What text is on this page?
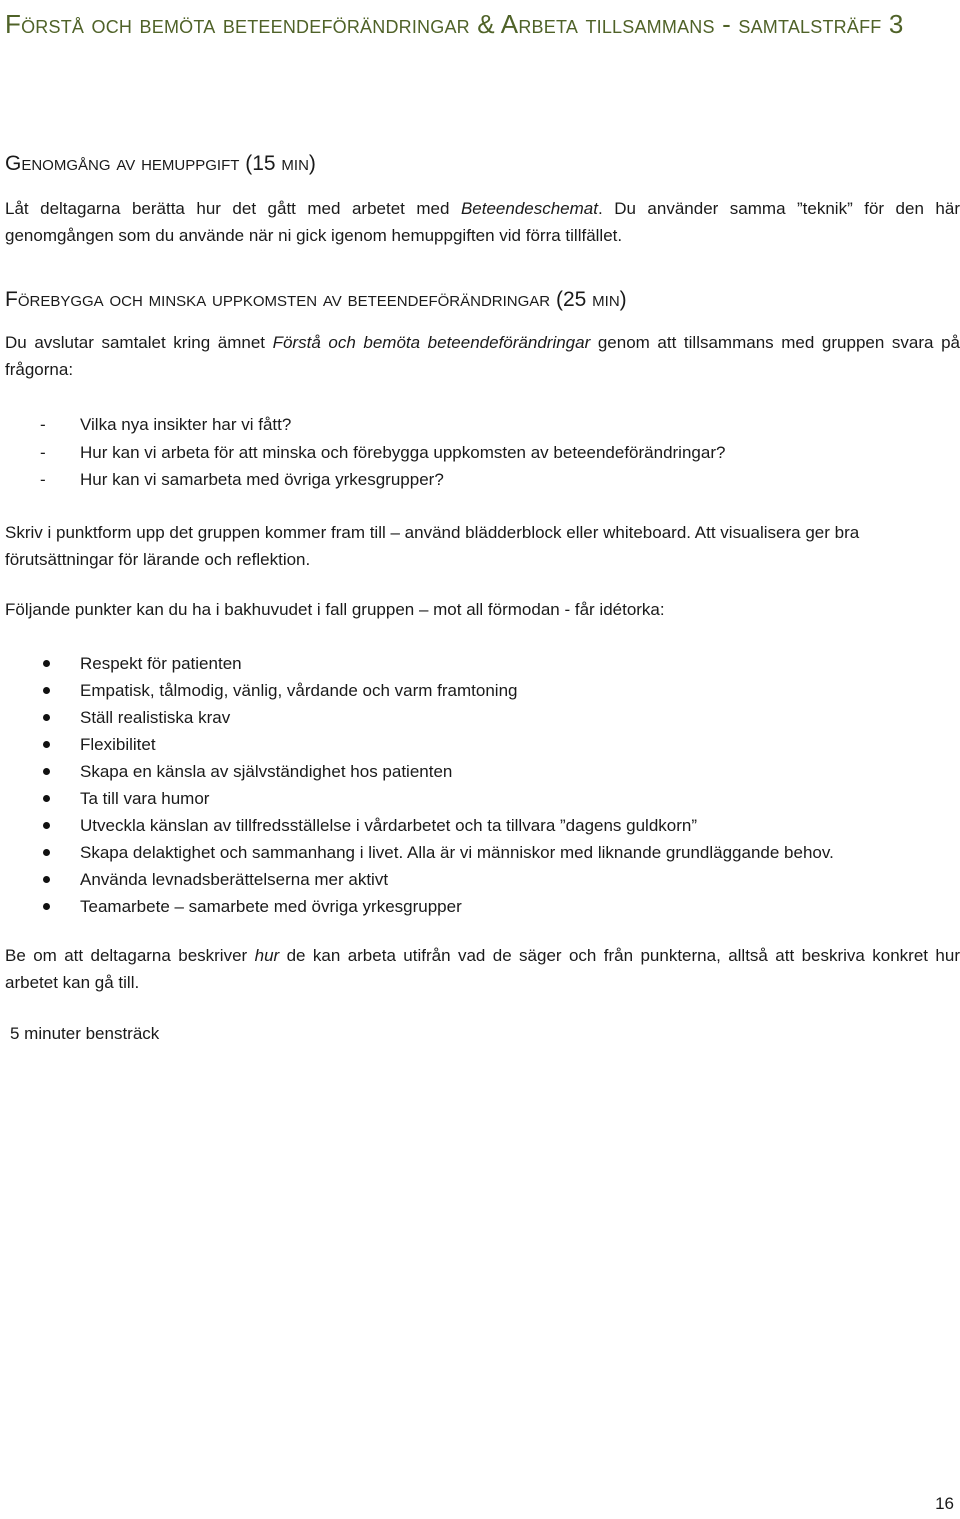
Förstå och bemöta beteendeförändringar & Arbeta tillsammans - samtalsträff 3
Genomgång av hemuppgift (15 min)

Låt deltagarna berätta hur det gått med arbetet med Beteendeschemat. Du använder samma ”teknik” för den här genomgången som du använde när ni gick igenom hemuppgiften vid förra tillfället.

Förebygga och minska uppkomsten av beteendeförändringar (25 min)

Du avslutar samtalet kring ämnet Förstå och bemöta beteendeförändringar genom att tillsammans med gruppen svara på frågorna:

- Vilka nya insikter har vi fått?
- Hur kan vi arbeta för att minska och förebygga uppkomsten av beteendeförändringar?
- Hur kan vi samarbeta med övriga yrkesgrupper?

Skriv i punktform upp det gruppen kommer fram till – använd blädderblock eller whiteboard. Att visualisera ger bra förutsättningar för lärande och reflektion.

Följande punkter kan du ha i bakhuvudet i fall gruppen – mot all förmodan - får idétorka:

Respekt för patienten
Empatisk, tålmodig, vänlig, vårdande och varm framtoning
Ställ realistiska krav
Flexibilitet
Skapa en känsla av självständighet hos patienten
Ta till vara humor
Utveckla känslan av tillfredsställelse i vårdarbetet och ta tillvara ”dagens guldkorn”
Skapa delaktighet och sammanhang i livet. Alla är vi människor med liknande grundläggande behov.
Använda levnadsberättelserna mer aktivt
Teamarbete – samarbete med övriga yrkesgrupper

Be om att deltagarna beskriver hur de kan arbeta utifrån vad de säger och från punkterna, alltså att beskriva konkret hur arbetet kan gå till.

5 minuter bensträck

16
